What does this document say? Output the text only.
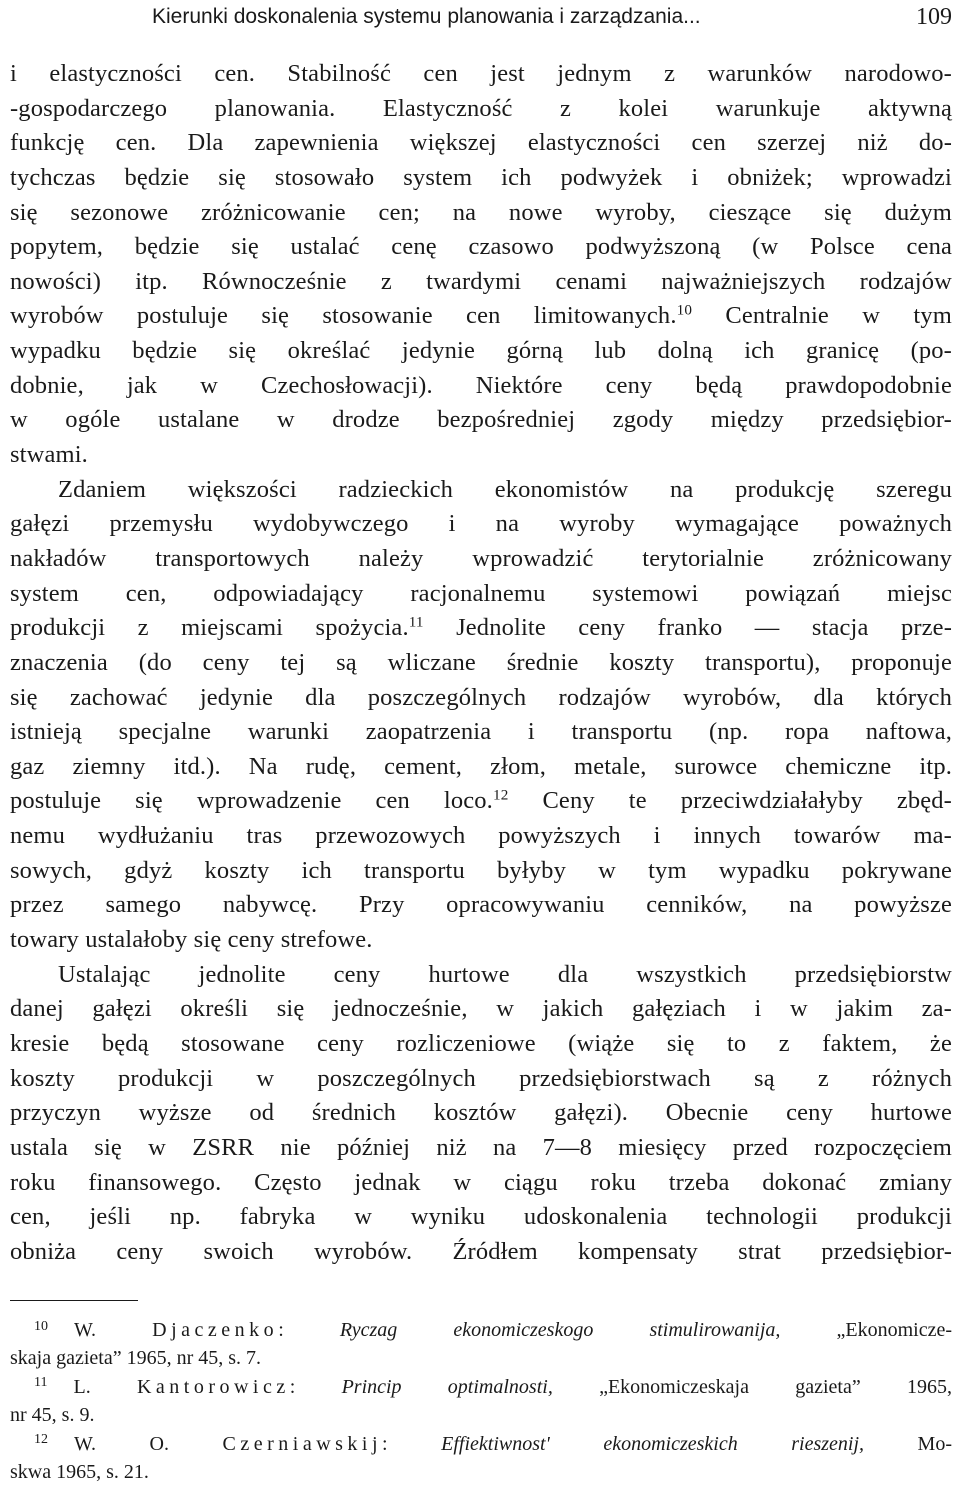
Kierunki doskonalenia systemu planowania i zarządzania...	109
i elastyczności cen. Stabilność cen jest jednym z warunków narodowo-
-gospodarczego planowania. Elastyczność z kolei warunkuje aktywną
funkcję cen. Dla zapewnienia większej elastyczności cen szerzej niż do-
tychczas będzie się stosowało system ich podwyżek i obniżek; wprowadzi
się sezonowe zróżnicowanie cen; na nowe wyroby, cieszące się dużym
popytem, będzie się ustalać cenę czasowo podwyższoną (w Polsce cena
nowości) itp. Równocześnie z twardymi cenami najważniejszych rodzajów
wyrobów postuluje się stosowanie cen limitowanych.$^{10}$ Centralnie w tym
wypadku będzie się określać jedynie górną lub dolną ich granicę (po-
dobnie, jak w Czechosłowacji). Niektóre ceny będą prawdopodobnie
w ogóle ustalane w drodze bezpośredniej zgody między przedsiębior-
stwami.
Zdaniem większości radzieckich ekonomistów na produkcję szeregu
gałęzi przemysłu wydobywczego i na wyroby wymagające poważnych
nakładów transportowych należy wprowadzić terytorialnie zróżnicowany
system cen, odpowiadający racjonalnemu systemowi powiązań miejsc
produkcji z miejscami spożycia.$^{11}$ Jednolite ceny franko — stacja prze-
znaczenia (do ceny tej są wliczane średnie koszty transportu), proponuje
się zachować jedynie dla poszczególnych rodzajów wyrobów, dla których
istnieją specjalne warunki zaopatrzenia i transportu (np. ropa naftowa,
gaz ziemny itd.). Na rudę, cement, złom, metale, surowce chemiczne itp.
postuluje się wprowadzenie cen loco.$^{12}$ Ceny te przeciwdziałałyby zbęd-
nemu wydłużaniu tras przewozowych powyższych i innych towarów ma-
sowych, gdyż koszty ich transportu byłyby w tym wypadku pokrywane
przez samego nabywcę. Przy opracowywaniu cenników, na powyższe
towary ustalałoby się ceny strefowe.
Ustalając jednolite ceny hurtowe dla wszystkich przedsiębiorstw
danej gałęzi określi się jednocześnie, w jakich gałęziach i w jakim za-
kresie będą stosowane ceny rozliczeniowe (wiąże się to z faktem, że
koszty produkcji w poszczególnych przedsiębiorstwach są z różnych
przyczyn wyższe od średnich kosztów gałęzi). Obecnie ceny hurtowe
ustala się w ZSRR nie później niż na 7—8 miesięcy przed rozpoczęciem
roku finansowego. Często jednak w ciągu roku trzeba dokonać zmiany
cen, jeśli np. fabryka w wyniku udoskonalenia technologii produkcji
obniża ceny swoich wyrobów. Źródłem kompensaty strat przedsiębior-
$^{10}$ W. Djaczenko: Ryczag ekonomiczeskogo stimulirowanija, „Ekonomicze-
skaja gazieta” 1965, nr 45, s. 7.
$^{11}$ L. Kantorowicz: Princip optimalnosti, „Ekonomiczeskaja gazieta” 1965,
nr 45, s. 9.
$^{12}$ W. O. Czerniawskij: Effiektiwnost' ekonomiczeskich rieszenij, Mo-
skwa 1965, s. 21.
